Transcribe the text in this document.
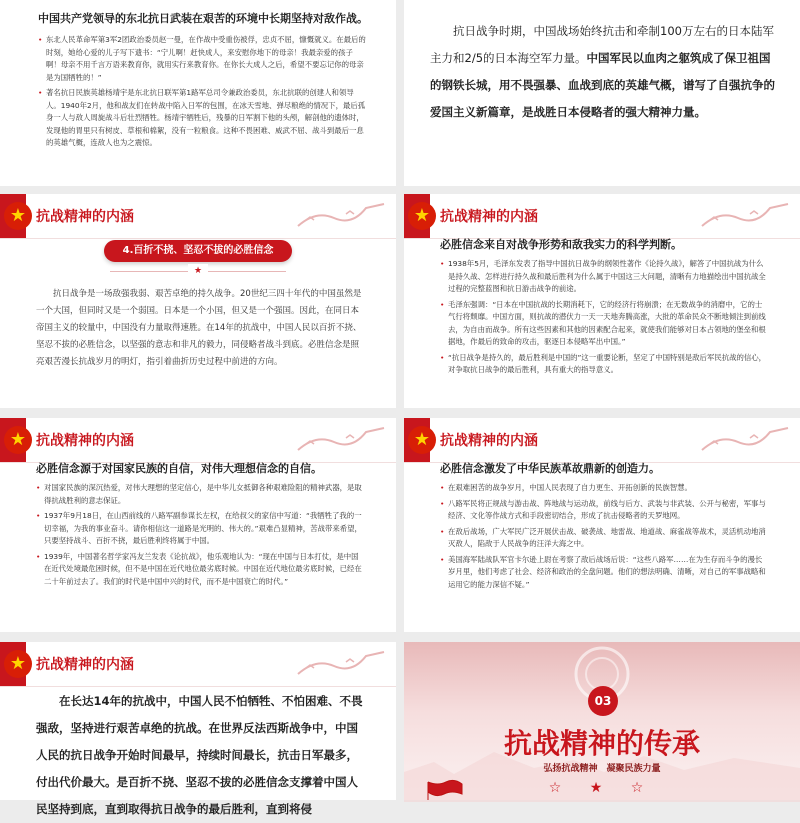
中国共产党领导的东北抗日武装在艰苦的环境中长期坚持对敌作战。

• 东北人民革命军第3军2团政治委员赵一曼，在作战中受重伤被俘，忠贞不屈，慷慨就义。在最后的时刻，她给心爱的儿子写下遗书：“宁儿啊！赶快成人，来安慰你地下的母亲！我最亲爱的孩子啊！母亲不用千言万语来教育你，就用实行来教育你。在你长大成人之后，希望不要忘记你的母亲是为国牺牲的！”

• 著名抗日民族英雄杨靖宇是东北抗日联军第1路军总司令兼政治委员，东北抗联的创建人和领导人。1940年2月，他和战友们在转战中陷入日军的包围，在冰天雪地、弹尽粮绝的情况下，最后孤身一人与敌人周旋战斗后壮烈牺牲。杨靖宇牺牲后，残暴的日军割下他的头颅，解剖他的遗体时，发现他的胃里只有树皮、草根和棉絮，没有一粒粮食。这种不畏困难、威武不屈、战斗到最后一息的英雄气概，连敌人也为之震惊。

抗日战争时期，中国战场始终抗击和牵制100万左右的日本陆军主力和2/5的日本海空军力量。中国军民以血肉之躯筑成了保卫祖国的钢铁长城，用不畏强暴、血战到底的英雄气概，谱写了自强抗争的爱国主义新篇章，是战胜日本侵略者的强大精神力量。
★ 抗战精神的内涵
4.百折不挠、坚忍不拔的必胜信念
★
抗日战争是一场敌强我弱、艰苦卓绝的持久战争。20世纪三四十年代的中国虽然是一个大国，但同时又是一个弱国。日本是一个小国，但又是一个强国。因此，在同日本帝国主义的较量中，中国没有力量取得速胜。在14年的抗战中，中国人民以百折不挠、坚忍不拔的必胜信念，以坚强的意志和非凡的毅力，同侵略者战斗到底。必胜信念是照亮艰苦漫长抗战岁月的明灯，指引着曲折历史过程中前进的方向。
★ 抗战精神的内涵
必胜信念来自对战争形势和敌我实力的科学判断。

• 1938年5月，毛泽东发表了指导中国抗日战争的纲领性著作《论持久战》，解答了中国抗战为什么是持久战、怎样进行持久战和最后胜利为什么属于中国这三大问题，清晰有力地描绘出中国抗战全过程的完整蓝图和抗日游击战争的前途。

• 毛泽东强调：“日本在中国抗战的长期消耗下，它的经济行将崩溃；在无数战争的消磨中，它的士气行将颓靡。中国方面，则抗战的潜伏力一天一天地奔腾高涨，大批的革命民众不断地倾注到前线去，为自由而战争。所有这些因素和其他的因素配合起来，就使我们能够对日本占领地的堡垒和根据地，作最后的致命的攻击，驱逐日本侵略军出中国。”

• “抗日战争是持久的，最后胜利是中国的”这一重要论断，坚定了中国特别是敌后军民抗战的信心，对争取抗日战争的最后胜利，具有重大的指导意义。

★ 抗战精神的内涵
必胜信念源于对国家民族的自信，对伟大理想信念的自信。

• 对国家民族的深沉热爱，对伟大理想的坚定信心，是中华儿女抵御各种艰难险阻的精神武器，是取得抗战胜利的意志保证。

• 1937年9月18日，在山西前线的八路军副参谋长左权，在给叔父的家信中写道：“我牺牲了我的一切幸福，为我的事业奋斗。请你相信这一道路是光明的、伟大的。”艰难凸显精神，苦战带来希望，只要坚持战斗、百折不挠，最后胜利终将属于中国。

• 1939年，中国著名哲学家冯友兰发表《论抗战》，他乐观地认为：“现在中国与日本打仗，是中国在近代处境最危困时候，但不是中国在近代地位最劣底时候。中国在近代地位最劣底时候，已经在二十年前过去了。我们的时代是中国中兴的时代，而不是中国衰亡的时代。”

★ 抗战精神的内涵
必胜信念激发了中华民族革故鼎新的创造力。

• 在艰难困苦的战争岁月，中国人民表现了自力更生、开拓创新的民族智慧。

• 八路军民将正规战与游击战、阵地战与运动战，前线与后方、武装与非武装、公开与秘密，军事与经济、文化等作战方式和手段密切结合，形成了抗击侵略者的天罗地网。

• 在敌后战场，广大军民广泛开展伏击战、破袭战、地雷战、地道战、麻雀战等战术，灵活机动地消灭敌人，陷敌于人民战争的汪洋大海之中。

• 美国海军陆战队军官卡尔逊上尉在考察了敌后战场后说：“这些八路军……在为生存而斗争的漫长岁月里，他们考虑了社会、经济和政治的全盘问题。他们的想法明确、清晰，对自己的军事战略和运用它的能力深信不疑。”

★ 抗战精神的内涵
在长达14年的抗战中，中国人民不怕牺牲、不怕困难、不畏强敌，坚持进行艰苦卓绝的抗战。在世界反法西斯战争中，中国人民的抗日战争开始时间最早，持续时间最长，抗击日军最多，付出代价最大。是百折不挠、坚忍不拔的必胜信念支撑着中国人民坚持到底，直到取得抗日战争的最后胜利，直到将侵
03
抗战精神的传承
弘扬抗战精神　凝聚民族力量
☆ ★ ☆
